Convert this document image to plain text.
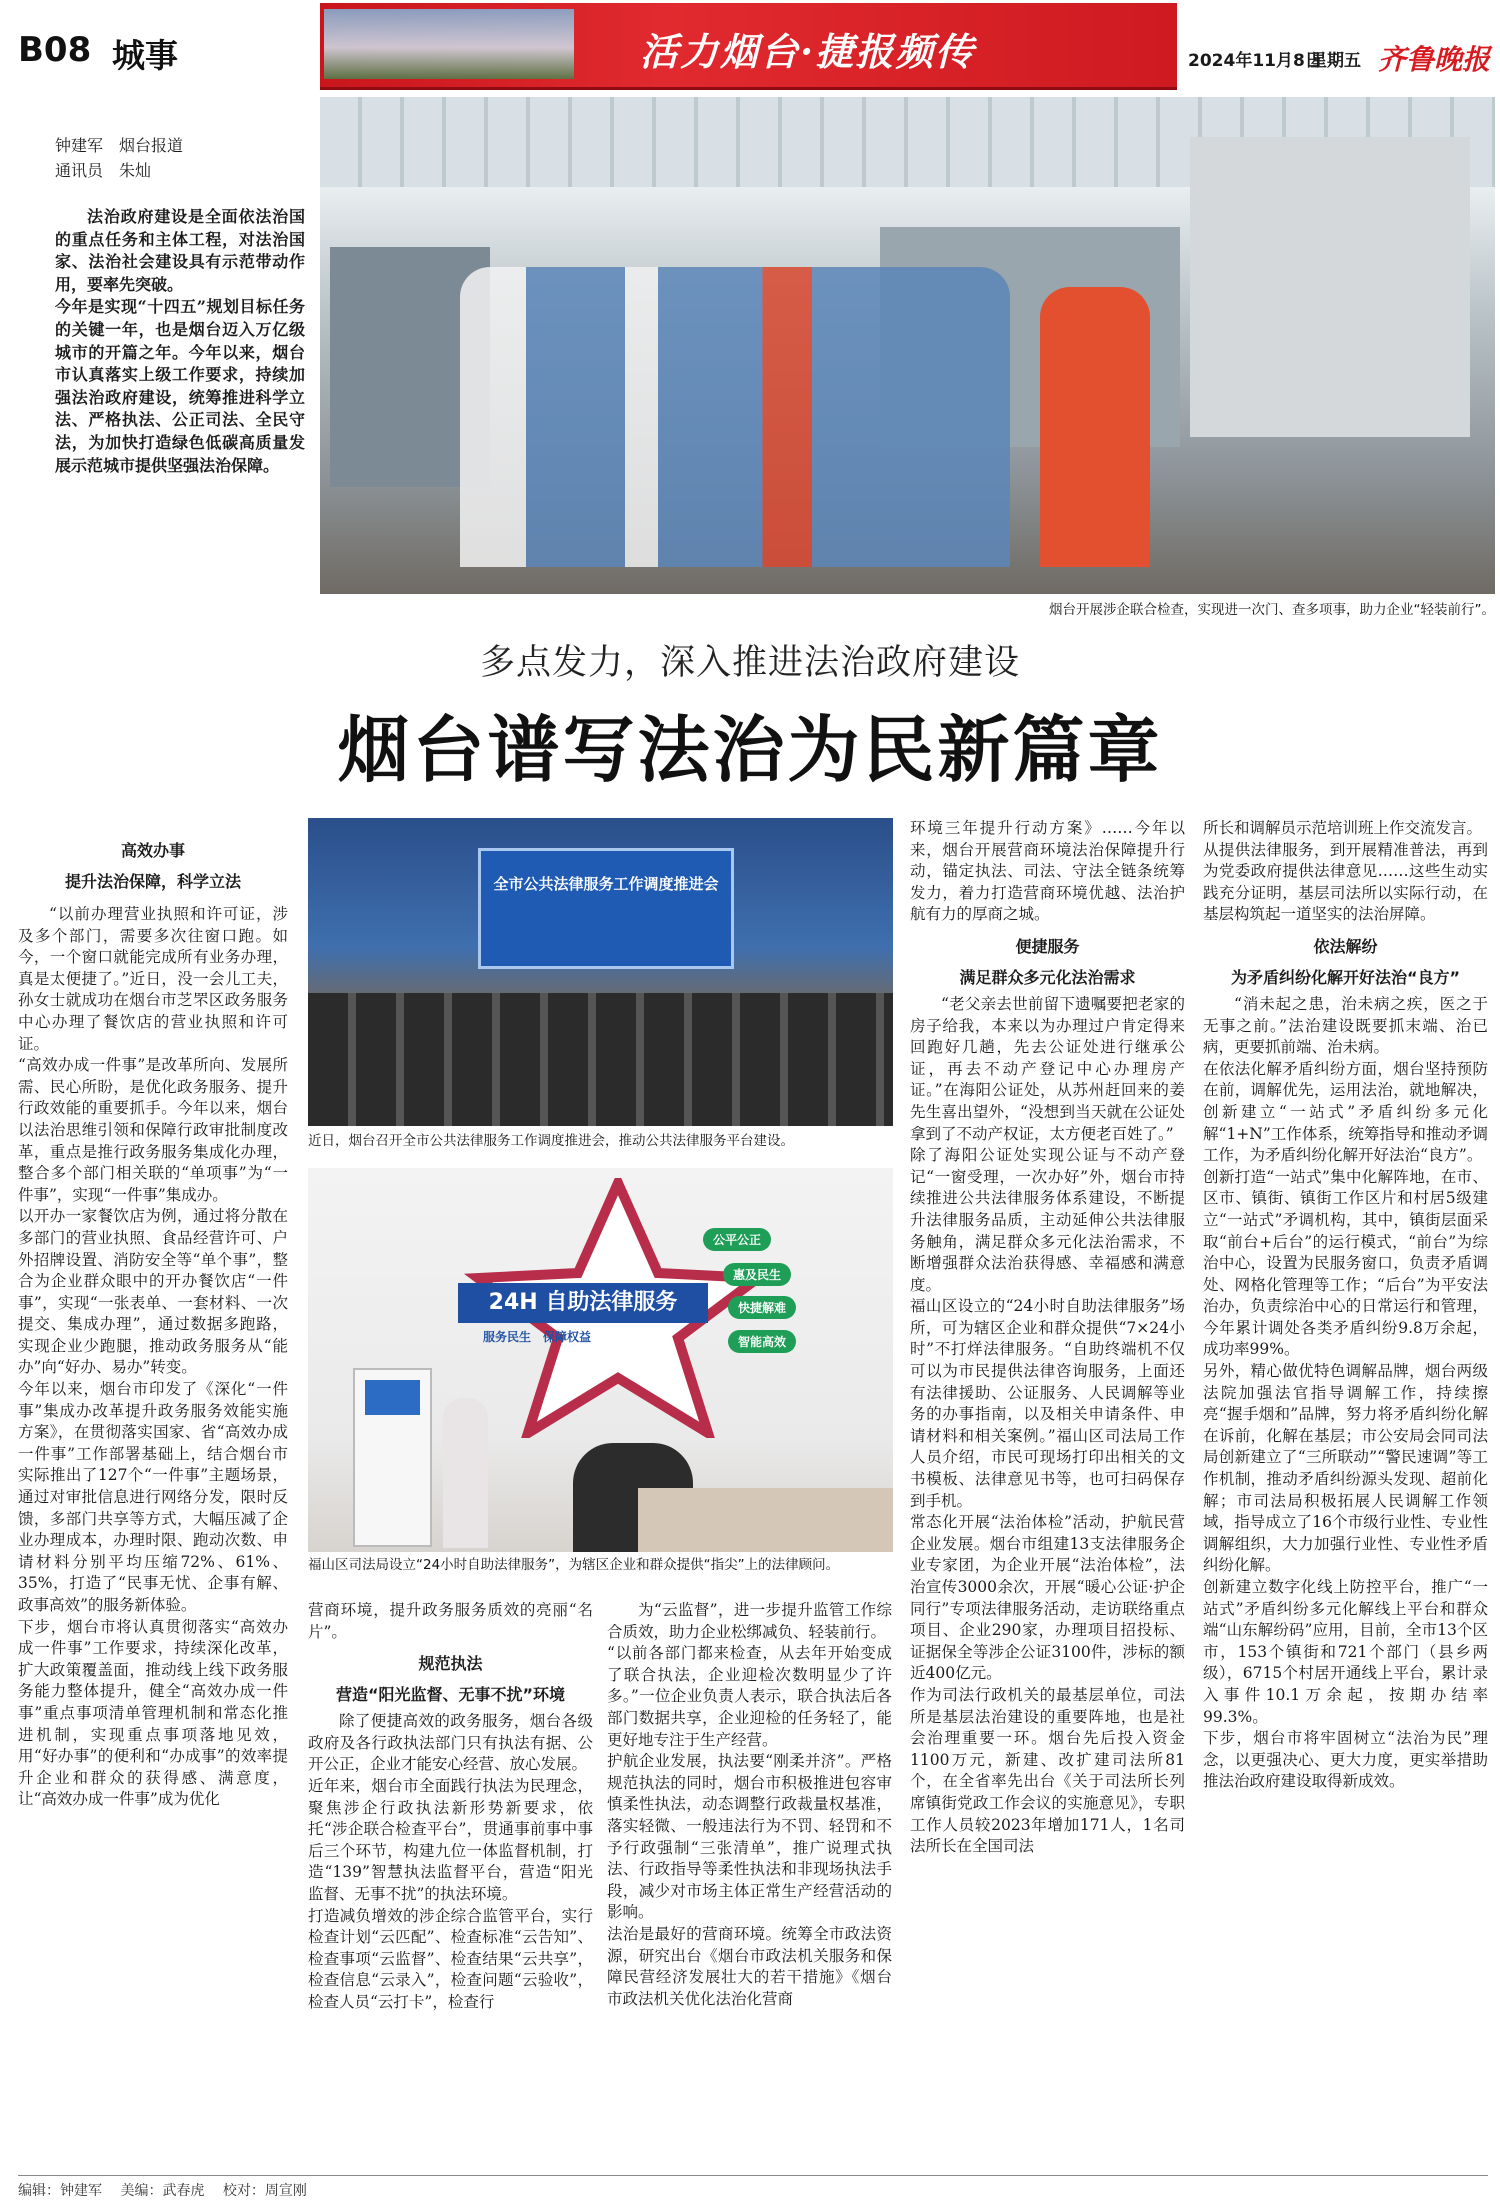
B08 城事	活力烟台·捷报频传	2024年11月8日
星期五 齐鲁晚报
钟建军　烟台报道
通讯员　朱灿

法治政府建设是全面依法治国的重点任务和主体工程，对法治国家、法治社会建设具有示范带动作用，要率先突破。
今年是实现“十四五”规划目标任务的关键一年，也是烟台迈入万亿级城市的开篇之年。今年以来，烟台市认真落实上级工作要求，持续加强法治政府建设，统筹推进科学立法、严格执法、公正司法、全民守法，为加快打造绿色低碳高质量发展示范城市提供坚强法治保障。

烟台开展涉企联合检查，实现进一次门、查多项事，助力企业“轻装前行”。
多点发力，深入推进法治政府建设
烟台谱写法治为民新篇章
高效办事
提升法治保障，科学立法

“以前办理营业执照和许可证，涉及多个部门，需要多次往窗口跑。如今，一个窗口就能完成所有业务办理，真是太便捷了。”近日，没一会儿工夫，孙女士就成功在烟台市芝罘区政务服务中心办理了餐饮店的营业执照和许可证。
“高效办成一件事”是改革所向、发展所需、民心所盼，是优化政务服务、提升行政效能的重要抓手。今年以来，烟台以法治思维引领和保障行政审批制度改革，重点是推行政务服务集成化办理，整合多个部门相关联的“单项事”为“一件事”，实现“一件事”集成办。
以开办一家餐饮店为例，通过将分散在多部门的营业执照、食品经营许可、户外招牌设置、消防安全等“单个事”，整合为企业群众眼中的开办餐饮店“一件事”，实现“一张表单、一套材料、一次提交、集成办理”，通过数据多跑路，实现企业少跑腿，推动政务服务从“能办”向“好办、易办”转变。
今年以来，烟台市印发了《深化“一件事”集成办改革提升政务服务效能实施方案》，在贯彻落实国家、省“高效办成一件事”工作部署基础上，结合烟台市实际推出了127个“一件事”主题场景，通过对审批信息进行网络分发，限时反馈，多部门共享等方式，大幅压减了企业办理成本，办理时限、跑动次数、申请材料分别平均压缩72%、61%、35%，打造了“民事无忧、企事有解、政事高效”的服务新体验。
下步，烟台市将认真贯彻落实“高效办成一件事”工作要求，持续深化改革，扩大政策覆盖面，推动线上线下政务服务能力整体提升，健全“高效办成一件事”重点事项清单管理机制和常态化推进机制，实现重点事项落地见效，用“好办事”的便利和“办成事”的效率提升企业和群众的获得感、满意度，让“高效办成一件事”成为优化

全市公共法律服务工作调度推进会
近日，烟台召开全市公共法律服务工作调度推进会，推动公共法律服务平台建设。
24H 自助法律服务
服务民生　保障权益
公平公正
惠及民生
快捷解难
智能高效
福山区司法局设立“24小时自助法律服务”，为辖区企业和群众提供“指尖”上的法律顾问。

营商环境，提升政务服务质效的亮丽“名片”。

规范执法
营造“阳光监督、无事不扰”环境

除了便捷高效的政务服务，烟台各级政府及各行政执法部门只有执法有据、公开公正，企业才能安心经营、放心发展。
近年来，烟台市全面践行执法为民理念，聚焦涉企行政执法新形势新要求，依托“涉企联合检查平台”，贯通事前事中事后三个环节，构建九位一体监督机制，打造“139”智慧执法监督平台，营造“阳光监督、无事不扰”的执法环境。
打造减负增效的涉企综合监管平台，实行检查计划“云匹配”、检查标准“云告知”、检查事项“云监督”、检查结果“云共享”，检查信息“云录入”，检查问题“云验收”，检查人员“云打卡”，检查行

为“云监督”，进一步提升监管工作综合质效，助力企业松绑减负、轻装前行。
“以前各部门都来检查，从去年开始变成了联合执法，企业迎检次数明显少了许多。”一位企业负责人表示，联合执法后各部门数据共享，企业迎检的任务轻了，能更好地专注于生产经营。
护航企业发展，执法要“刚柔并济”。严格规范执法的同时，烟台市积极推进包容审慎柔性执法，动态调整行政裁量权基准，落实轻微、一般违法行为不罚、轻罚和不予行政强制“三张清单”，推广说理式执法、行政指导等柔性执法和非现场执法手段，减少对市场主体正常生产经营活动的影响。
法治是最好的营商环境。统筹全市政法资源，研究出台《烟台市政法机关服务和保障民营经济发展壮大的若干措施》《烟台市政法机关优化法治化营商

环境三年提升行动方案》……今年以来，烟台开展营商环境法治保障提升行动，锚定执法、司法、守法全链条统筹发力，着力打造营商环境优越、法治护航有力的厚商之城。

便捷服务
满足群众多元化法治需求

“老父亲去世前留下遗嘱要把老家的房子给我，本来以为办理过户肯定得来回跑好几趟，先去公证处进行继承公证，再去不动产登记中心办理房产证。”在海阳公证处，从苏州赶回来的姜先生喜出望外，“没想到当天就在公证处拿到了不动产权证，太方便老百姓了。”
除了海阳公证处实现公证与不动产登记“一窗受理，一次办好”外，烟台市持续推进公共法律服务体系建设，不断提升法律服务品质，主动延伸公共法律服务触角，满足群众多元化法治需求，不断增强群众法治获得感、幸福感和满意度。
福山区设立的“24小时自助法律服务”场所，可为辖区企业和群众提供“7×24小时”不打烊法律服务。“自助终端机不仅可以为市民提供法律咨询服务，上面还有法律援助、公证服务、人民调解等业务的办事指南，以及相关申请条件、申请材料和相关案例。”福山区司法局工作人员介绍，市民可现场打印出相关的文书模板、法律意见书等，也可扫码保存到手机。
常态化开展“法治体检”活动，护航民营企业发展。烟台市组建13支法律服务企业专家团，为企业开展“法治体检”，法治宣传3000余次，开展“暖心公证·护企同行”专项法律服务活动，走访联络重点项目、企业290家，办理项目招投标、证据保全等涉企公证3100件，涉标的额近400亿元。
作为司法行政机关的最基层单位，司法所是基层法治建设的重要阵地，也是社会治理重要一环。烟台先后投入资金1100万元，新建、改扩建司法所81个，在全省率先出台《关于司法所长列席镇街党政工作会议的实施意见》，专职工作人员较2023年增加171人，1名司法所长在全国司法

所长和调解员示范培训班上作交流发言。
从提供法律服务，到开展精准普法，再到为党委政府提供法律意见……这些生动实践充分证明，基层司法所以实际行动，在基层构筑起一道坚实的法治屏障。

依法解纷
为矛盾纠纷化解开好法治“良方”

“消未起之患，治未病之疾，医之于无事之前。”法治建设既要抓末端、治已病，更要抓前端、治未病。
在依法化解矛盾纠纷方面，烟台坚持预防在前，调解优先，运用法治，就地解决，创新建立“一站式”矛盾纠纷多元化解“1+N”工作体系，统筹指导和推动矛调工作，为矛盾纠纷化解开好法治“良方”。
创新打造“一站式”集中化解阵地，在市、区市、镇街、镇街工作区片和村居5级建立“一站式”矛调机构，其中，镇街层面采取“前台+后台”的运行模式，“前台”为综治中心，设置为民服务窗口，负责矛盾调处、网格化管理等工作；“后台”为平安法治办，负责综治中心的日常运行和管理，今年累计调处各类矛盾纠纷9.8万余起，成功率99%。
另外，精心做优特色调解品牌，烟台两级法院加强法官指导调解工作，持续擦亮“握手烟和”品牌，努力将矛盾纠纷化解在诉前，化解在基层；市公安局会同司法局创新建立了“三所联动”“警民速调”等工作机制，推动矛盾纠纷源头发现、超前化解；市司法局积极拓展人民调解工作领域，指导成立了16个市级行业性、专业性调解组织，大力加强行业性、专业性矛盾纠纷化解。
创新建立数字化线上防控平台，推广“一站式”矛盾纠纷多元化解线上平台和群众端“山东解纷码”应用，目前，全市13个区市，153个镇街和721个部门（县乡两级），6715个村居开通线上平台，累计录入事件10.1万余起，按期办结率99.3%。
下步，烟台市将牢固树立“法治为民”理念，以更强决心、更大力度，更实举措助推法治政府建设取得新成效。

编辑：钟建军 美编：武春虎 校对：周宣刚
